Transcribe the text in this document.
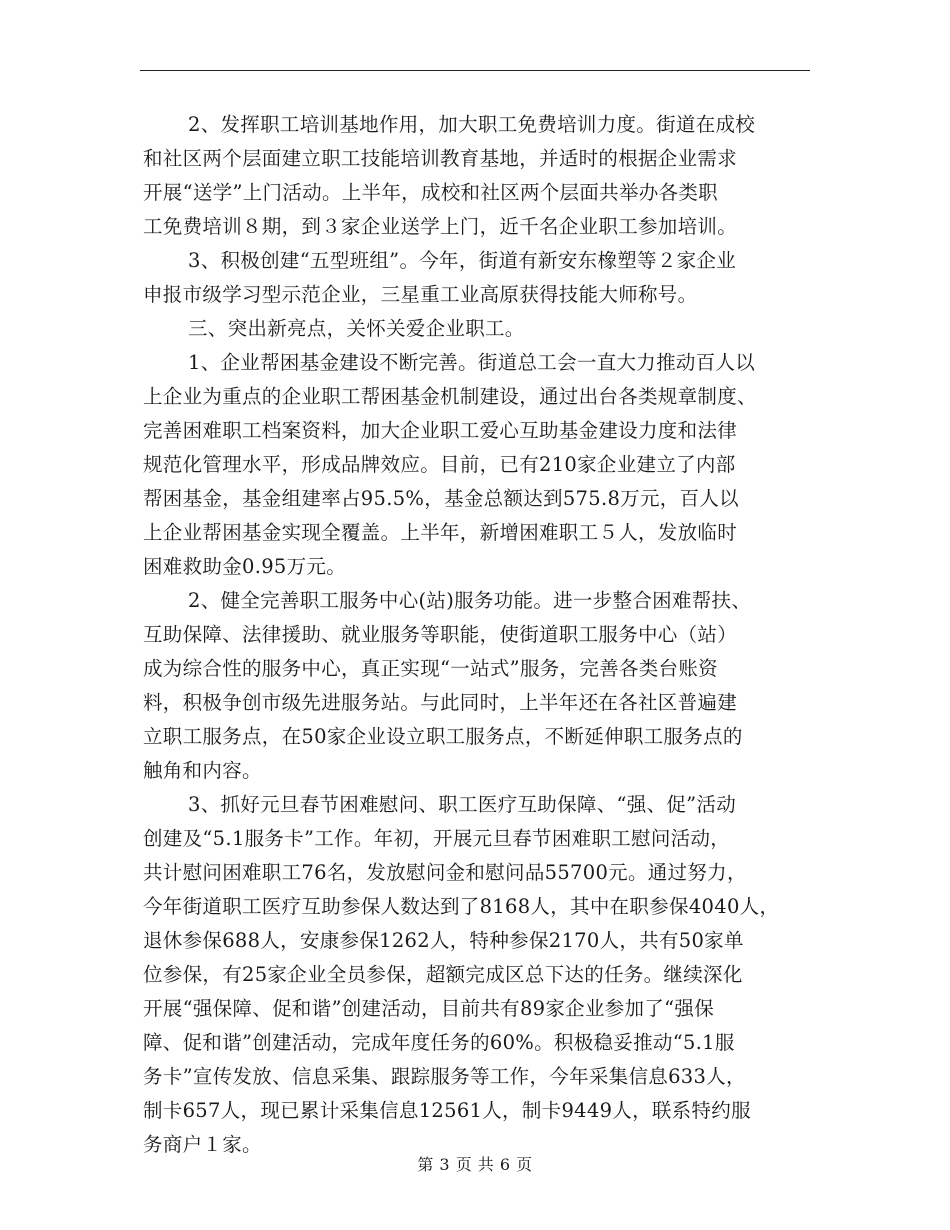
2、发挥职工培训基地作用，加大职工免费培训力度。街道在成校
和社区两个层面建立职工技能培训教育基地，并适时的根据企业需求
开展“送学”上门活动。上半年，成校和社区两个层面共举办各类职
工免费培训８期，到３家企业送学上门，近千名企业职工参加培训。
3、积极创建“五型班组”。今年，街道有新安东橡塑等２家企业
申报市级学习型示范企业，三星重工业高原获得技能大师称号。
三、突出新亮点，关怀关爱企业职工。
1、企业帮困基金建设不断完善。街道总工会一直大力推动百人以
上企业为重点的企业职工帮困基金机制建设，通过出台各类规章制度、
完善困难职工档案资料，加大企业职工爱心互助基金建设力度和法律
规范化管理水平，形成品牌效应。目前，已有210家企业建立了内部
帮困基金，基金组建率占95.5%，基金总额达到575.8万元，百人以
上企业帮困基金实现全覆盖。上半年，新增困难职工５人，发放临时
困难救助金0.95万元。
2、健全完善职工服务中心(站)服务功能。进一步整合困难帮扶、
互助保障、法律援助、就业服务等职能，使街道职工服务中心（站）
成为综合性的服务中心，真正实现“一站式”服务，完善各类台账资
料，积极争创市级先进服务站。与此同时，上半年还在各社区普遍建
立职工服务点，在50家企业设立职工服务点，不断延伸职工服务点的
触角和内容。
3、抓好元旦春节困难慰问、职工医疗互助保障、“强、促”活动
创建及“5.1服务卡”工作。年初，开展元旦春节困难职工慰问活动，
共计慰问困难职工76名，发放慰问金和慰问品55700元。通过努力，
今年街道职工医疗互助参保人数达到了8168人，其中在职参保4040人，
退休参保688人，安康参保1262人，特种参保2170人，共有50家单
位参保，有25家企业全员参保，超额完成区总下达的任务。继续深化
开展“强保障、促和谐”创建活动，目前共有89家企业参加了“强保
障、促和谐”创建活动，完成年度任务的60%。积极稳妥推动“5.1服
务卡”宣传发放、信息采集、跟踪服务等工作，今年采集信息633人，
制卡657人，现已累计采集信息12561人，制卡9449人，联系特约服
务商户１家。
第 3 页 共 6 页
